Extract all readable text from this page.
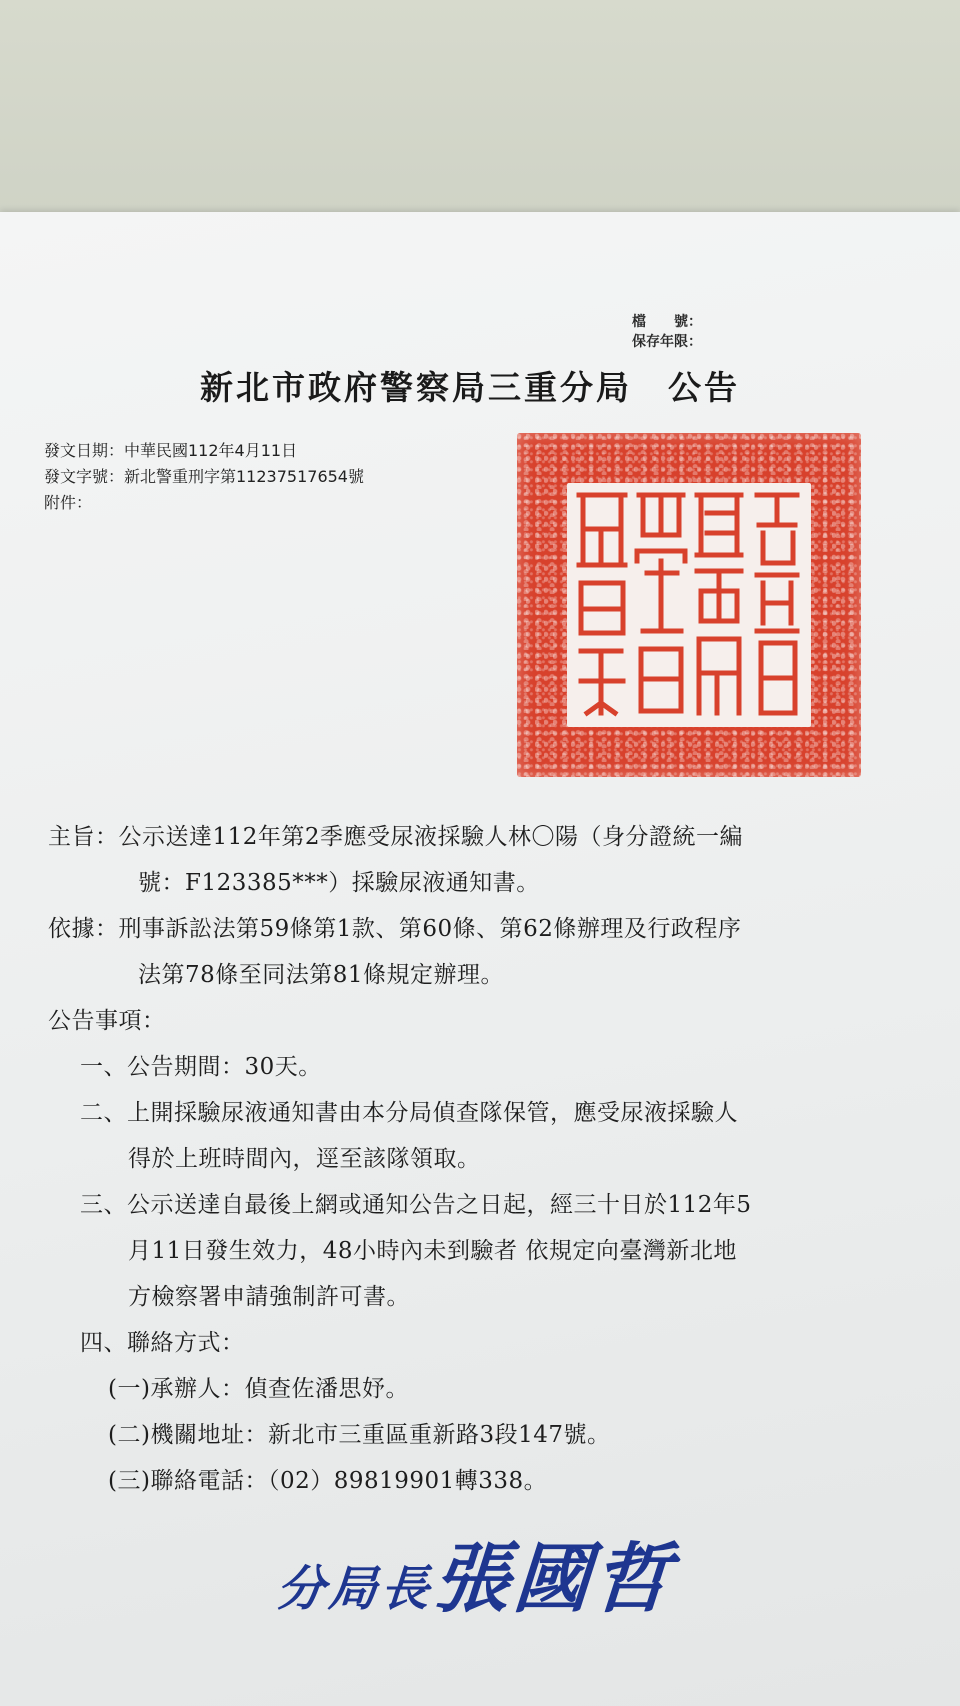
檔　　號：
保存年限：
新北市政府警察局三重分局　公告
發文日期：中華民國112年4月11日
發文字號：新北警重刑字第11237517654號
附件：
主旨：公示送達112年第2季應受尿液採驗人林〇陽（身分證統一編
號：F123385***）採驗尿液通知書。
依據：刑事訴訟法第59條第1款、第60條、第62條辦理及行政程序
法第78條至同法第81條規定辦理。
公告事項：
一、公告期間：30天。
二、上開採驗尿液通知書由本分局偵查隊保管，應受尿液採驗人
得於上班時間內，逕至該隊領取。
三、公示送達自最後上網或通知公告之日起，經三十日於112年5
月11日發生效力，48小時內未到驗者 依規定向臺灣新北地
方檢察署申請強制許可書。
四、聯絡方式：
(一)承辦人：偵查佐潘思妤。
(二)機關地址：新北市三重區重新路3段147號。
(三)聯絡電話：（02）89819901轉338。
分局長張國哲
